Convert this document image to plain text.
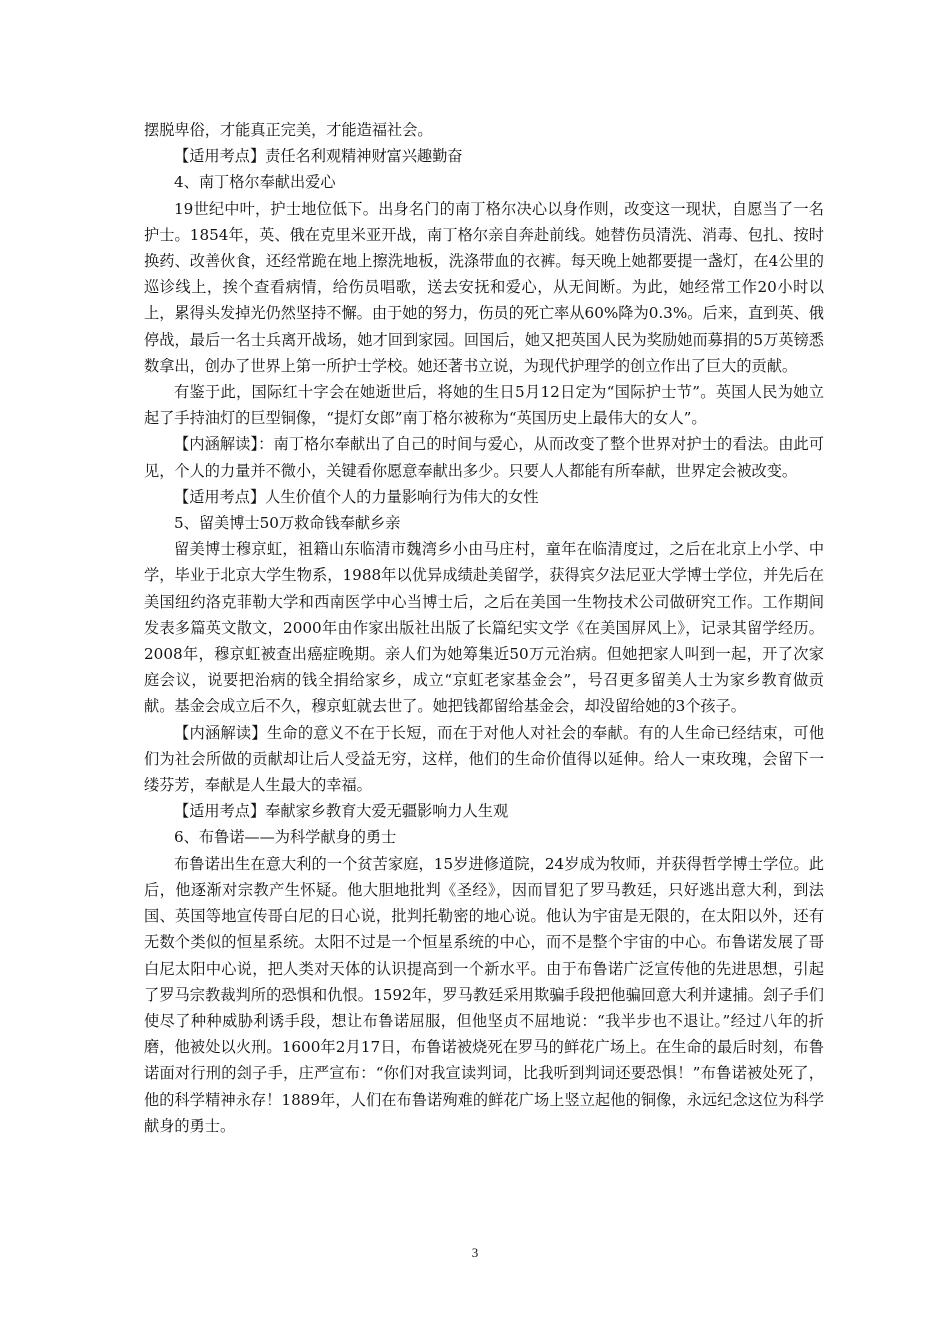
摆脱卑俗，才能真正完美，才能造福社会。

【适用考点】责任名利观精神财富兴趣勤奋

4、南丁格尔奉献出爱心

19世纪中叶，护士地位低下。出身名门的南丁格尔决心以身作则，改变这一现状，自愿当了一名护士。1854年，英、俄在克里米亚开战，南丁格尔亲自奔赴前线。她替伤员清洗、消毒、包扎、按时换药、改善伙食，还经常跪在地上擦洗地板，洗涤带血的衣裤。每天晚上她都要提一盏灯，在4公里的巡诊线上，挨个查看病情，给伤员唱歌，送去安抚和爱心，从无间断。为此，她经常工作20小时以上，累得头发掉光仍然坚持不懈。由于她的努力，伤员的死亡率从60%降为0.3%。后来，直到英、俄停战，最后一名士兵离开战场，她才回到家园。回国后，她又把英国人民为奖励她而募捐的5万英镑悉数拿出，创办了世界上第一所护士学校。她还著书立说，为现代护理学的创立作出了巨大的贡献。

有鉴于此，国际红十字会在她逝世后，将她的生日5月12日定为“国际护士节”。英国人民为她立起了手持油灯的巨型铜像，“提灯女郎”南丁格尔被称为“英国历史上最伟大的女人”。

【内涵解读】：南丁格尔奉献出了自己的时间与爱心，从而改变了整个世界对护士的看法。由此可见，个人的力量并不微小，关键看你愿意奉献出多少。只要人人都能有所奉献，世界定会被改变。

【适用考点】人生价值个人的力量影响行为伟大的女性

5、留美博士50万救命钱奉献乡亲

留美博士穆京虹，祖籍山东临清市魏湾乡小由马庄村，童年在临清度过，之后在北京上小学、中学，毕业于北京大学生物系，1988年以优异成绩赴美留学，获得宾夕法尼亚大学博士学位，并先后在美国纽约洛克菲勒大学和西南医学中心当博士后，之后在美国一生物技术公司做研究工作。工作期间发表多篇英文散文，2000年由作家出版社出版了长篇纪实文学《在美国屏风上》，记录其留学经历。2008年，穆京虹被查出癌症晚期。亲人们为她筹集近50万元治病。但她把家人叫到一起，开了次家庭会议，说要把治病的钱全捐给家乡，成立“京虹老家基金会”，号召更多留美人士为家乡教育做贡献。基金会成立后不久，穆京虹就去世了。她把钱都留给基金会，却没留给她的3个孩子。

【内涵解读】生命的意义不在于长短，而在于对他人对社会的奉献。有的人生命已经结束，可他们为社会所做的贡献却让后人受益无穷，这样，他们的生命价值得以延伸。给人一束玫瑰，会留下一缕芬芳，奉献是人生最大的幸福。

【适用考点】奉献家乡教育大爱无疆影响力人生观

6、布鲁诺——为科学献身的勇士

布鲁诺出生在意大利的一个贫苦家庭，15岁进修道院，24岁成为牧师，并获得哲学博士学位。此后，他逐渐对宗教产生怀疑。他大胆地批判《圣经》，因而冒犯了罗马教廷，只好逃出意大利，到法国、英国等地宣传哥白尼的日心说，批判托勒密的地心说。他认为宇宙是无限的，在太阳以外，还有无数个类似的恒星系统。太阳不过是一个恒星系统的中心，而不是整个宇宙的中心。布鲁诺发展了哥白尼太阳中心说，把人类对天体的认识提高到一个新水平。由于布鲁诺广泛宣传他的先进思想，引起了罗马宗教裁判所的恐惧和仇恨。1592年，罗马教廷采用欺骗手段把他骗回意大利并逮捕。刽子手们使尽了种种威胁利诱手段，想让布鲁诺屈服，但他坚贞不屈地说：“我半步也不退让。”经过八年的折磨，他被处以火刑。1600年2月17日，布鲁诺被烧死在罗马的鲜花广场上。在生命的最后时刻，布鲁诺面对行刑的刽子手，庄严宣布：“你们对我宣读判词，比我听到判词还要恐惧！”布鲁诺被处死了，他的科学精神永存！1889年，人们在布鲁诺殉难的鲜花广场上竖立起他的铜像，永远纪念这位为科学献身的勇士。

3
